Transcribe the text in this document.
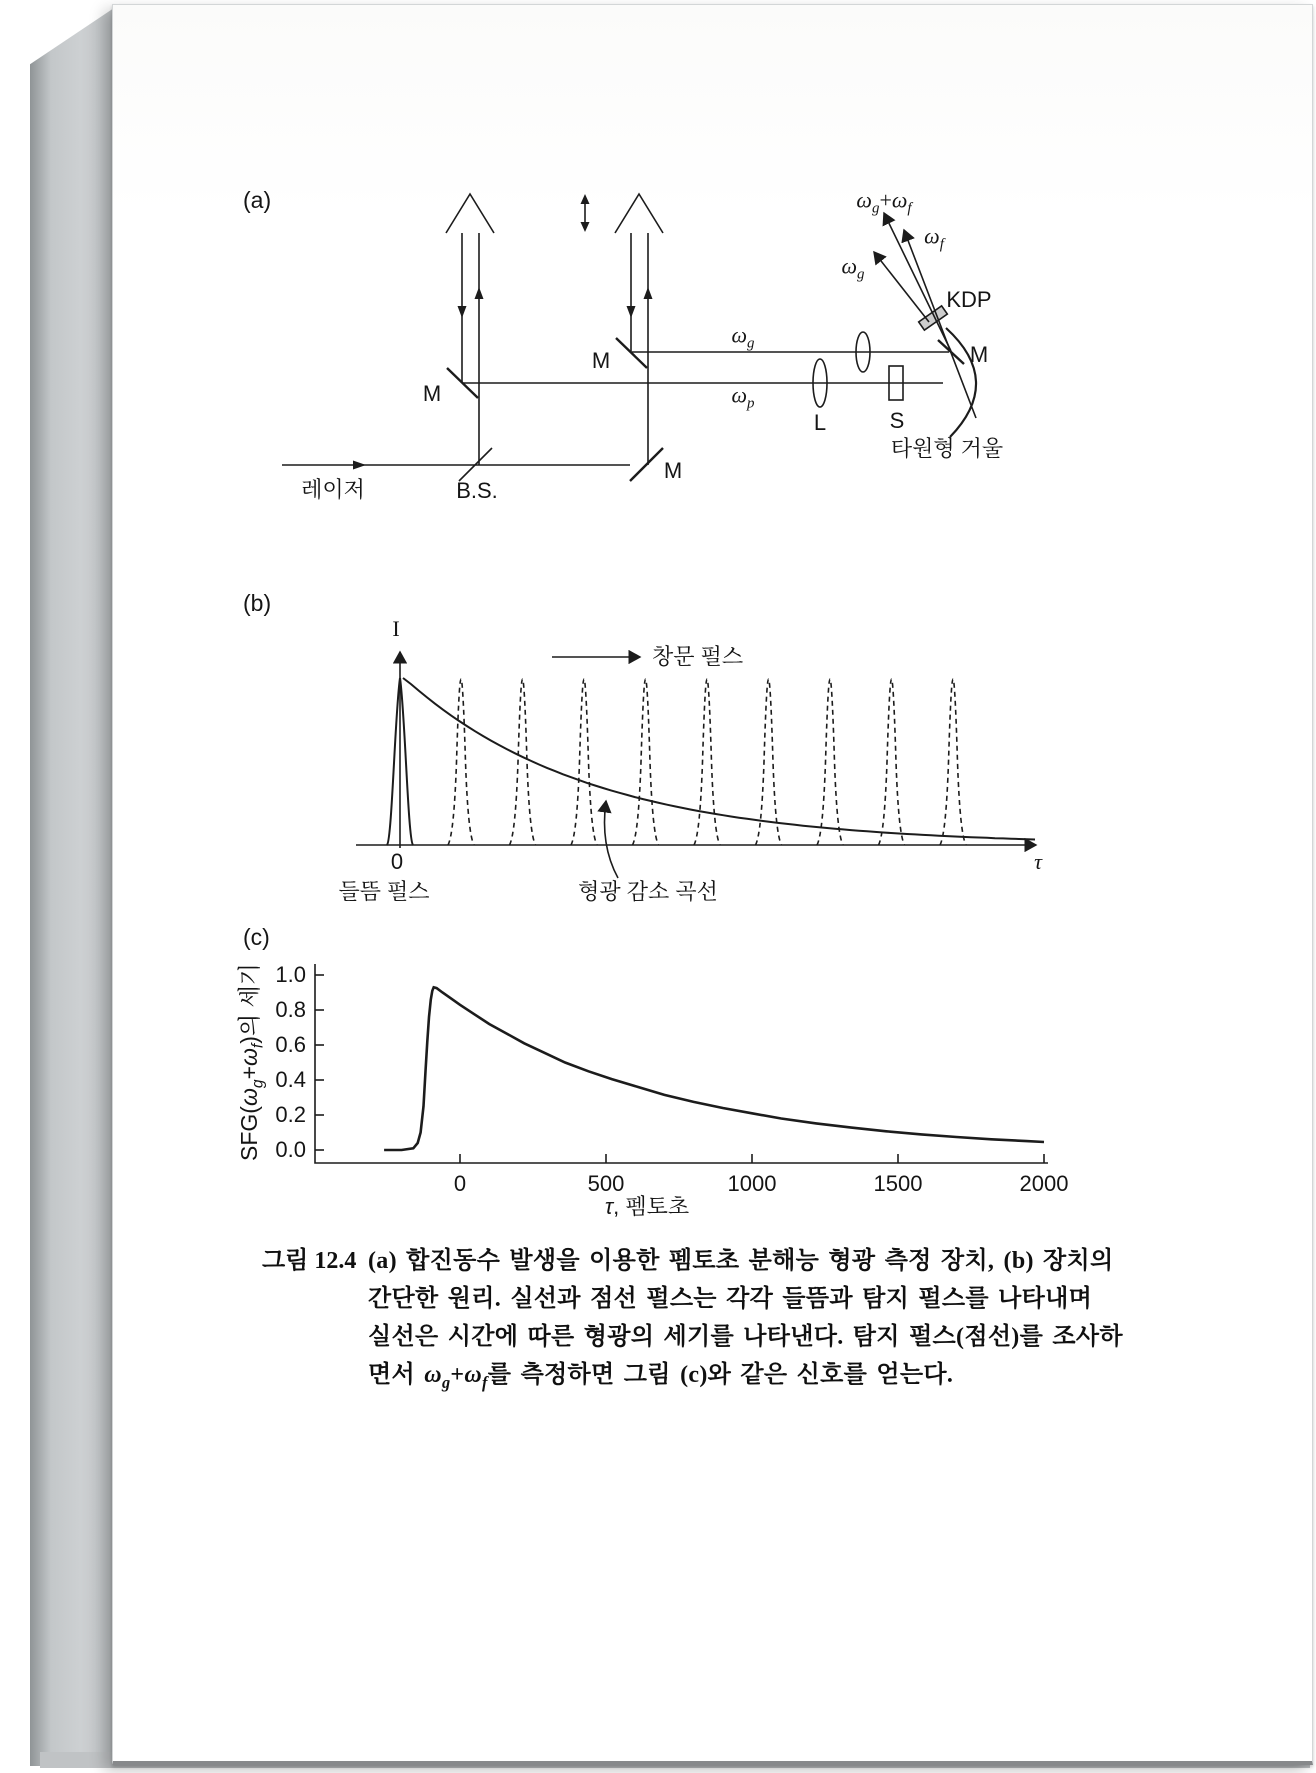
(a)
레이저	B.S.
M
M
M
M
$\omega_g$
$\omega_p$
L	S
KDP
타원형 거울
$\omega_g+\omega_f$
$\omega_f$
$\omega_g$
(b)
I
창문 펄스
0	τ
들뜸 펄스	형광 감소 곡선
(c)
$SFG(\omega_g+\omega_f)$의 세기 1.0
0.8
0.6
0.4
0.2
0.0
0	500	1000	1500	2000
τ, 펨토초
그림 12.4 (a) 합진동수 발생을 이용한 펨토초 분해능 형광 측정 장치, (b) 장치의
간단한 원리. 실선과 점선 펄스는 각각 들뜸과 탐지 펄스를 나타내며
실선은 시간에 따른 형광의 세기를 나타낸다. 탐지 펄스(점선)를 조사하
면서 $\omega_g+\omega_f$를 측정하면 그림 (c)와 같은 신호를 얻는다.
